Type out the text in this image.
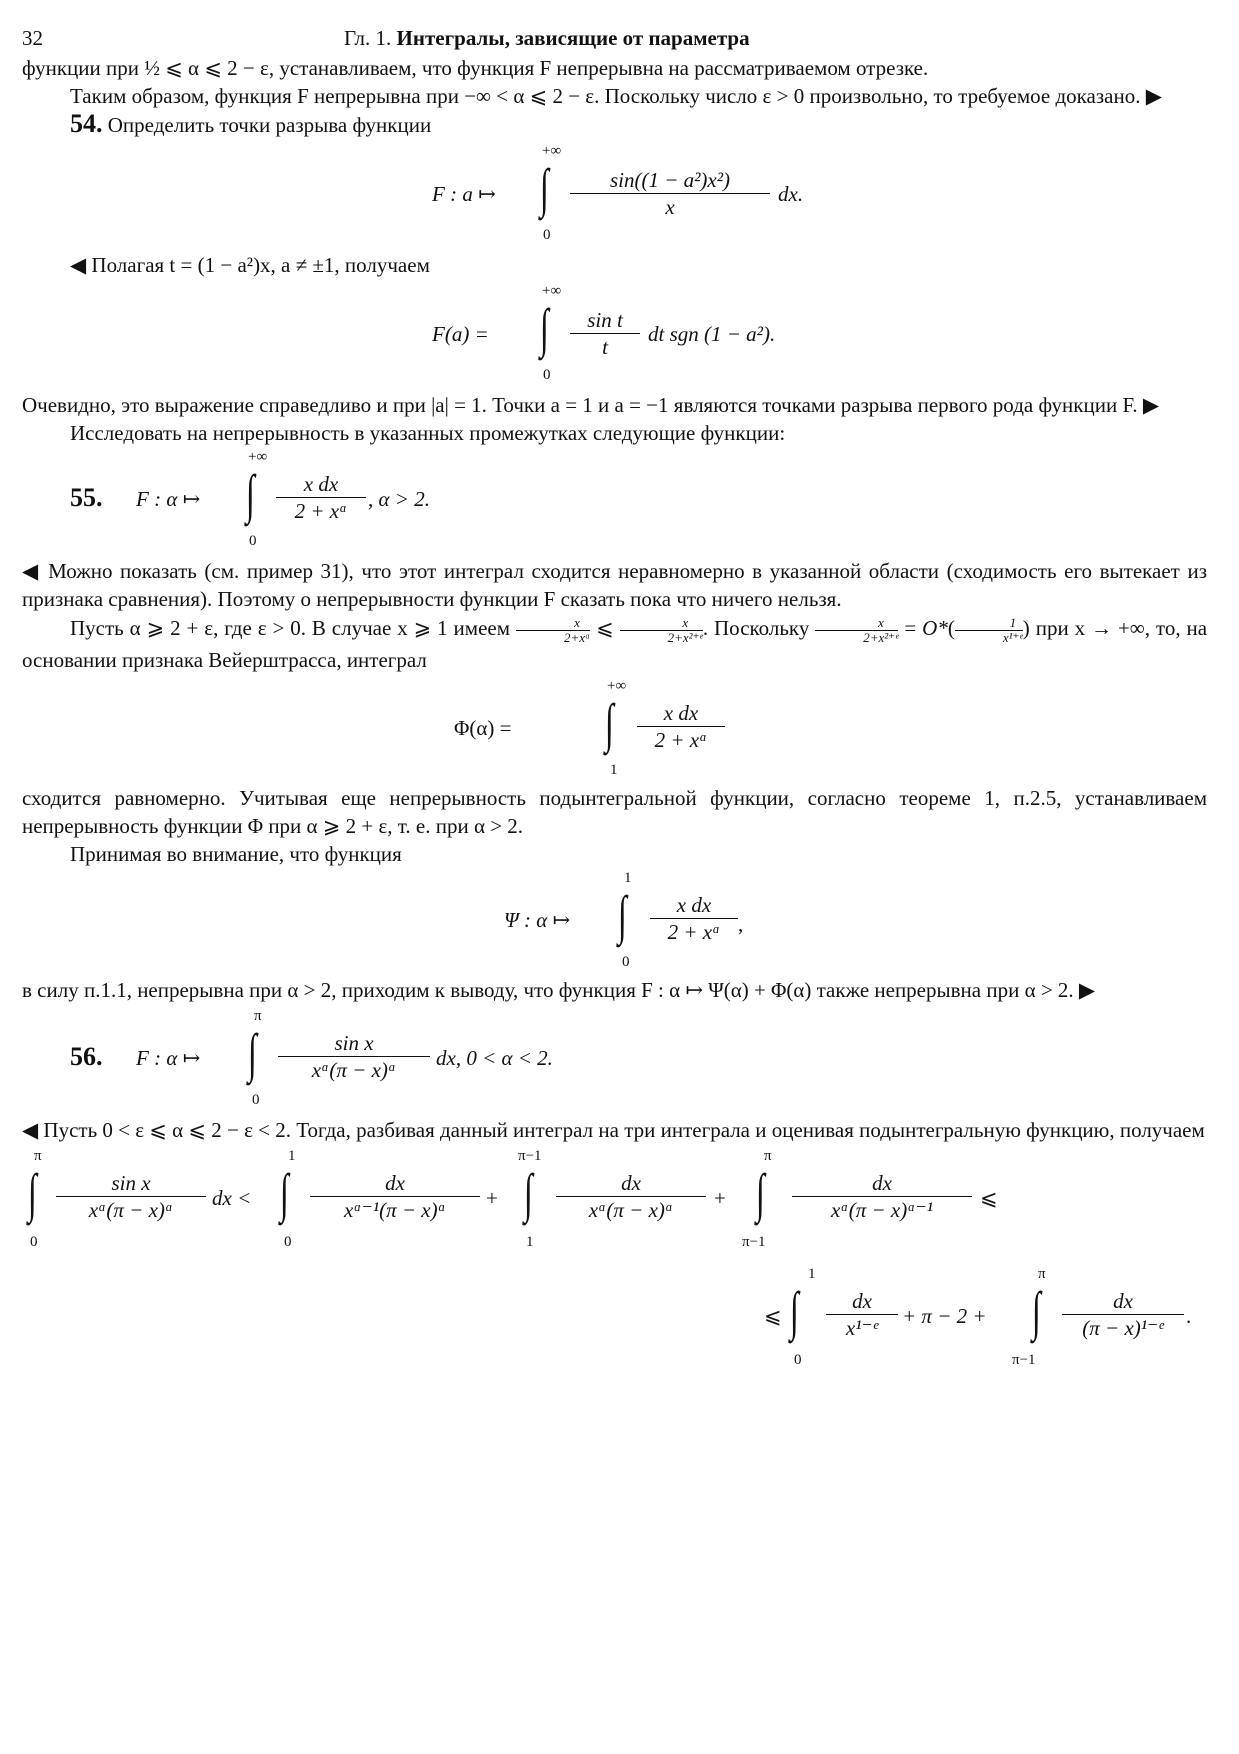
32	Гл. 1. Интегралы, зависящие от параметра

функции при ½ ⩽ α ⩽ 2 − ε, устанавливаем, что функция F непрерывна на рассматриваемом отрезке.

Таким образом, функция F непрерывна при −∞ < α ⩽ 2 − ε. Поскольку число ε > 0 произвольно, то требуемое доказано. ▶

54. Определить точки разрыва функции

F : a ↦
+∞
∫
0
$\frac{\text{sin((1 − a²)x²)}}{x}$ dx.

◀ Полагая t = (1 − a²)x, a ≠ ±1, получаем

F(a) =
+∞
∫
0
$\frac{\text{sin t}}{t}$ dt sgn (1 − a²).

Очевидно, это выражение справедливо и при |a| = 1. Точки a = 1 и a = −1 являются точками разрыва первого рода функции F. ▶

Исследовать на непрерывность в указанных промежутках следующие функции:

55. F : α ↦
+∞
∫
0
$\frac{\text{x dx}}{\text{2 + xᵅ}}$ , α > 2.

◀ Можно показать (см. пример 31), что этот интеграл сходится неравномерно в указанной области (сходимость его вытекает из признака сравнения). Поэтому о непрерывности функции F сказать пока что ничего нельзя.

Пусть α ⩾ 2 + ε, где ε > 0. В случае x ⩾ 1 имеем $\frac{x}{\text{2+xᵅ}}$ ⩽ $\frac{x}{\text{2+x²⁺ᵉ}}$ . Поскольку $\frac{x}{\text{2+x²⁺ᵉ}} = O*( \frac{1}{\text{x¹⁺ᵉ}}$ ) при x → +∞, то, на основании признака Вейерштрасса, интеграл

Φ(α) =
+∞
∫
1
$\frac{\text{x dx}}{\text{2 + xᵅ}}$

сходится равномерно. Учитывая еще непрерывность подынтегральной функции, согласно теореме 1, п.2.5, устанавливаем непрерывность функции Φ при α ⩾ 2 + ε, т. е. при α > 2.

Принимая во внимание, что функция

Ψ : α ↦
1
∫
0
$\frac{\text{x dx}}{\text{2 + xᵅ}}$ ,

в силу п.1.1, непрерывна при α > 2, приходим к выводу, что функция F : α ↦ Ψ(α) + Φ(α) также непрерывна при α > 2. ▶

56. F : α ↦
π
∫
0
$\frac{\text{sin x}}{\text{xᵅ(π − x)ᵅ}}$ dx, 0 < α < 2.

◀ Пусть 0 < ε ⩽ α ⩽ 2 − ε < 2. Тогда, разбивая данный интеграл на три интеграла и оценивая подынтегральную функцию, получаем

π
∫
0
$\frac{\text{sin x}}{\text{xᵅ(π − x)ᵅ}}$ dx <
1
∫
0
$\frac{dx}{\text{xᵅ⁻¹(π − x)ᵅ}}$ +
π−1
∫
1
$\frac{dx}{\text{xᵅ(π − x)ᵅ}}$ +
π
∫
π−1
$\frac{dx}{\text{xᵅ(π − x)ᵅ⁻¹}}$ ⩽
⩽
1
∫
0
$\frac{dx}{\text{x¹⁻ᵉ}} + \pi - 2$ +
π
∫
π−1
$\frac{dx}{\text{(π − x)¹⁻ᵉ}}$ .
